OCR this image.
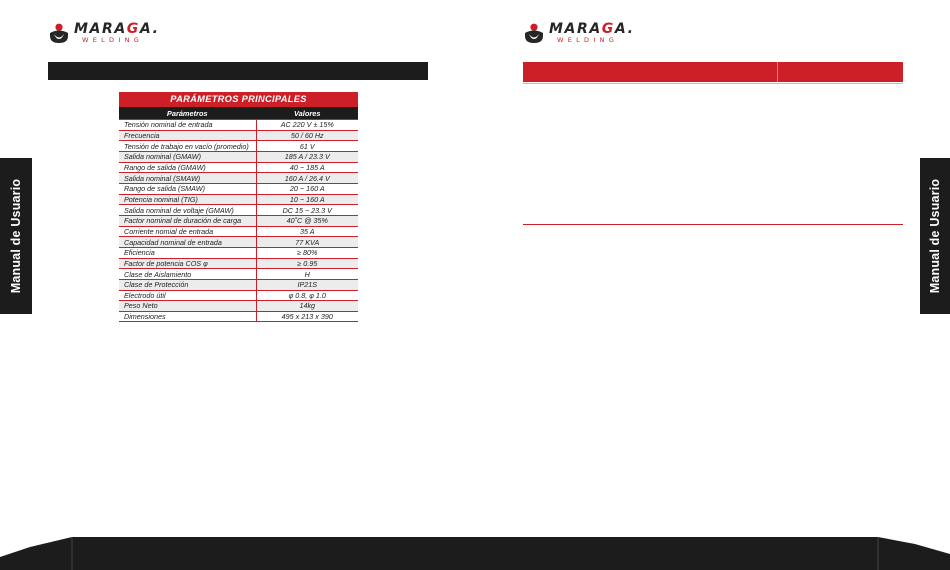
MARAGA.
WELDING
Manual de Usuario
PARÁMETROS PRINCIPALES	
Parámetros	Valores
Tensión nominal de entrada	AC 220 V ± 15%
Frecuencia	50 / 60 Hz
Tensión de trabajo en vacío (promedio)	61 V
Salida nominal (GMAW)	185 A / 23.3 V
Rango de salida (GMAW)	40 ~ 185 A
Salida nominal (SMAW)	160 A / 26.4 V
Rango de salida (SMAW)	20 ~ 160 A
Potencia nominal (TIG)	10 ~ 160 A
Salida nominal de voltaje (GMAW)	DC 15 ~ 23.3 V
Factor nominal de duración de carga	40˚C @ 35%
Corriente nomial de entrada	35 A
Capacidad nominal de entrada	77 KVA
Eficiencia	≥ 80%
Factor de potencia COS φ	≥ 0.95
Clase de Aislamiento	H
Clase de Protección	IP21S
Electrodo útil	φ 0.8, φ 1.0
Peso Neto	14kg
Dimensiones	495 x 213 x 390
MARAGA.
WELDING
Manual de Usuario
